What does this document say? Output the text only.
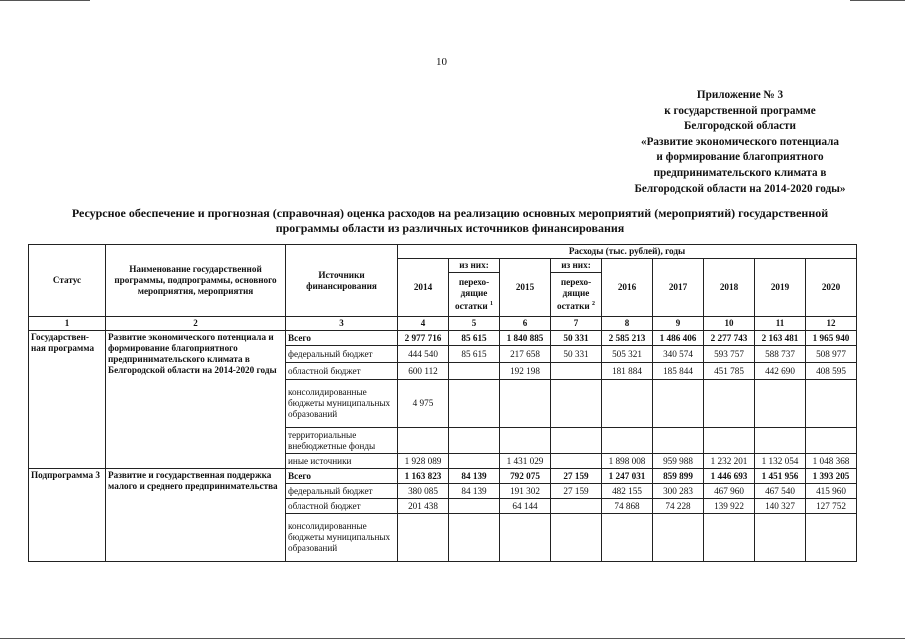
10
Приложение № 3
к государственной программе
Белгородской области
«Развитие экономического потенциала
и формирование благоприятного
предпринимательского климата в
Белгородской области на 2014-2020 годы»
Ресурсное обеспечение и прогнозная (справочная) оценка расходов на реализацию основных мероприятий (мероприятий) государственной
программы области из различных источников финансирования
Статус	Наименование государственной программы, подпрограммы, основного мероприятия, мероприятия	Источники финансирования	Расходы (тыс. рублей), годы								
			2014	из них:	2015	из них:	2016	2017	2018	2019	2020
				перехо-дящие остатки $^1$		перехо-дящие остатки $^2$
1	2	3	4	5	6	7	8	9	10	11	12
Государствен-ная программа	Развитие экономического потенциала и формирование благоприятного предпринимательского климата в Белгородской области на 2014-2020 годы	Всего	2 977 716	85 615	1 840 885	50 331	2 585 213	1 486 406	2 277 743	2 163 481	1 965 940
		федеральный бюджет	444 540	85 615	217 658	50 331	505 321	340 574	593 757	588 737	508 977
		областной бюджет	600 112		192 198		181 884	185 844	451 785	442 690	408 595
		консолидированные бюджеты муниципальных образований	4 975								
		территориальные внебюджетные фонды									
		иные источники	1 928 089		1 431 029		1 898 008	959 988	1 232 201	1 132 054	1 048 368
Подпрограмма 3	Развитие и государственная поддержка малого и среднего предпринимательства	Всего	1 163 823	84 139	792 075	27 159	1 247 031	859 899	1 446 693	1 451 956	1 393 205
		федеральный бюджет	380 085	84 139	191 302	27 159	482 155	300 283	467 960	467 540	415 960
		областной бюджет	201 438		64 144		74 868	74 228	139 922	140 327	127 752
		консолидированные бюджеты муниципальных образований									
